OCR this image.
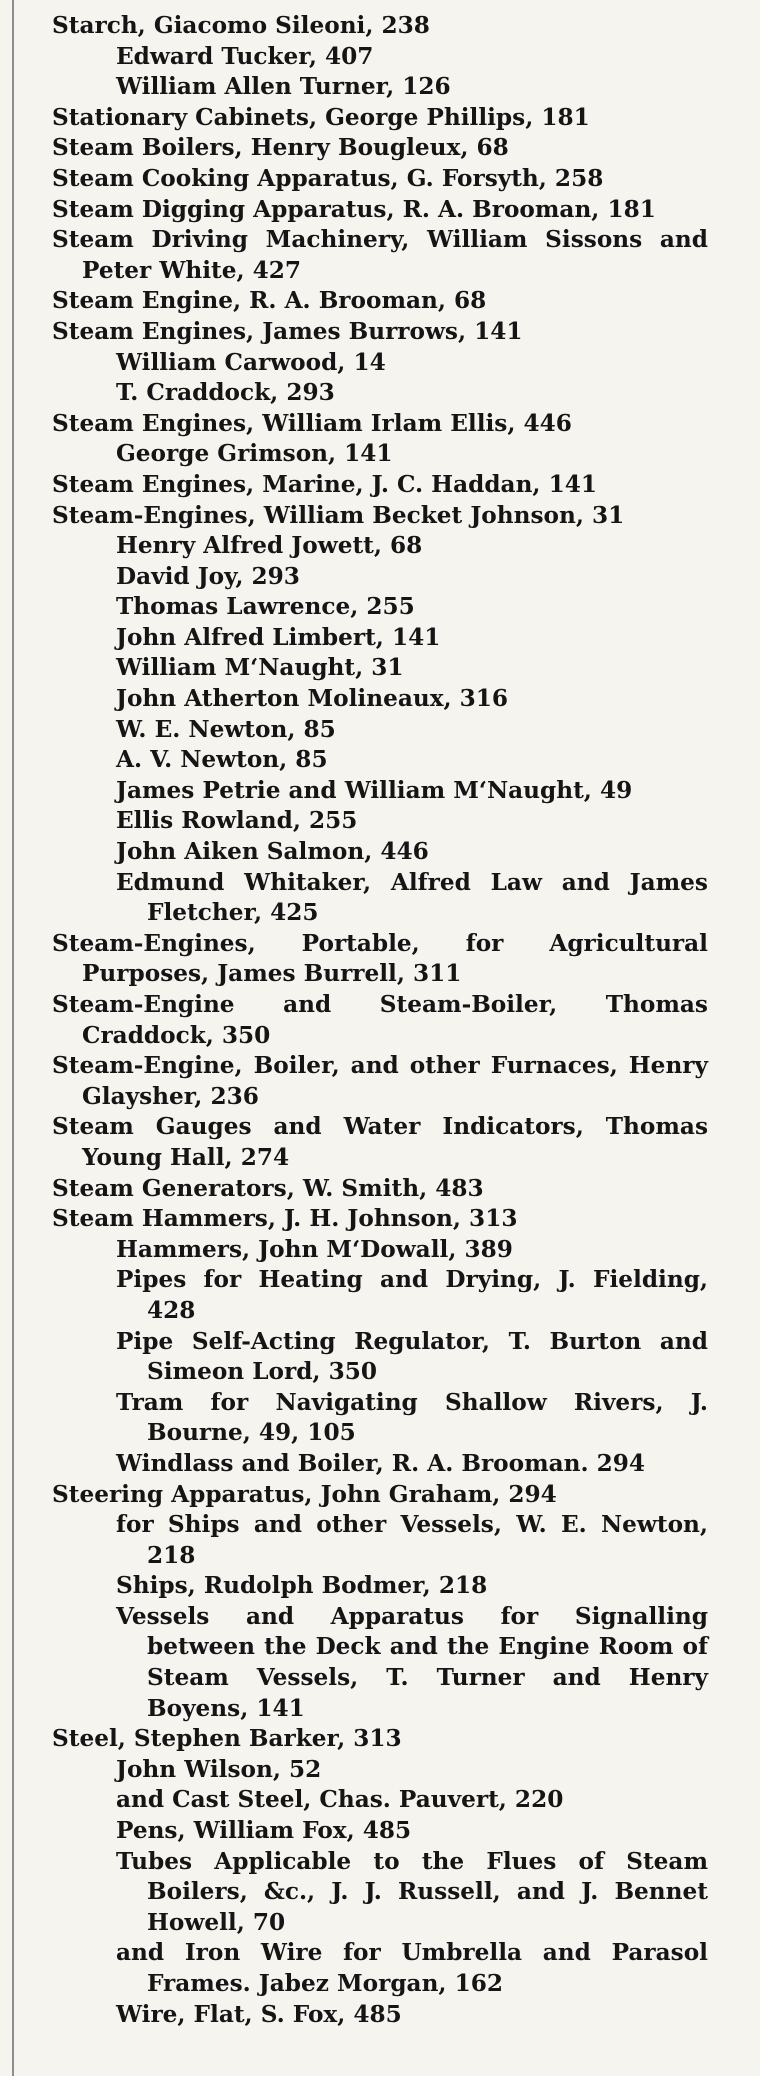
Starch, Giacomo Sileoni, 238
Edward Tucker, 407
William Allen Turner, 126
Stationary Cabinets, George Phillips, 181
Steam Boilers, Henry Bougleux, 68
Steam Cooking Apparatus, G. Forsyth, 258
Steam Digging Apparatus, R. A. Brooman, 181
Steam Driving Machinery, William Sissons and Peter White, 427
Steam Engine, R. A. Brooman, 68
Steam Engines, James Burrows, 141
William Carwood, 14
T. Craddock, 293
Steam Engines, William Irlam Ellis, 446
George Grimson, 141
Steam Engines, Marine, J. C. Haddan, 141
Steam-Engines, William Becket Johnson, 31
Henry Alfred Jowett, 68
David Joy, 293
Thomas Lawrence, 255
John Alfred Limbert, 141
William M‘Naught, 31
John Atherton Molineaux, 316
W. E. Newton, 85
A. V. Newton, 85
James Petrie and William M‘Naught, 49
Ellis Rowland, 255
John Aiken Salmon, 446
Edmund Whitaker, Alfred Law and James Fletcher, 425
Steam-Engines, Portable, for Agricultural Purposes, James Burrell, 311
Steam-Engine and Steam-Boiler, Thomas Craddock, 350
Steam-Engine, Boiler, and other Furnaces, Henry Glaysher, 236
Steam Gauges and Water Indicators, Thomas Young Hall, 274
Steam Generators, W. Smith, 483
Steam Hammers, J. H. Johnson, 313
Hammers, John M‘Dowall, 389
Pipes for Heating and Drying, J. Fielding, 428
Pipe Self-Acting Regulator, T. Burton and Simeon Lord, 350
Tram for Navigating Shallow Rivers, J. Bourne, 49, 105
Windlass and Boiler, R. A. Brooman. 294
Steering Apparatus, John Graham, 294
for Ships and other Vessels, W. E. Newton, 218
Ships, Rudolph Bodmer, 218
Vessels and Apparatus for Signalling between the Deck and the Engine Room of Steam Vessels, T. Turner and Henry Boyens, 141
Steel, Stephen Barker, 313
John Wilson, 52
and Cast Steel, Chas. Pauvert, 220
Pens, William Fox, 485
Tubes Applicable to the Flues of Steam Boilers, &c., J. J. Russell, and J. Bennet Howell, 70
and Iron Wire for Umbrella and Parasol Frames. Jabez Morgan, 162
Wire, Flat, S. Fox, 485
